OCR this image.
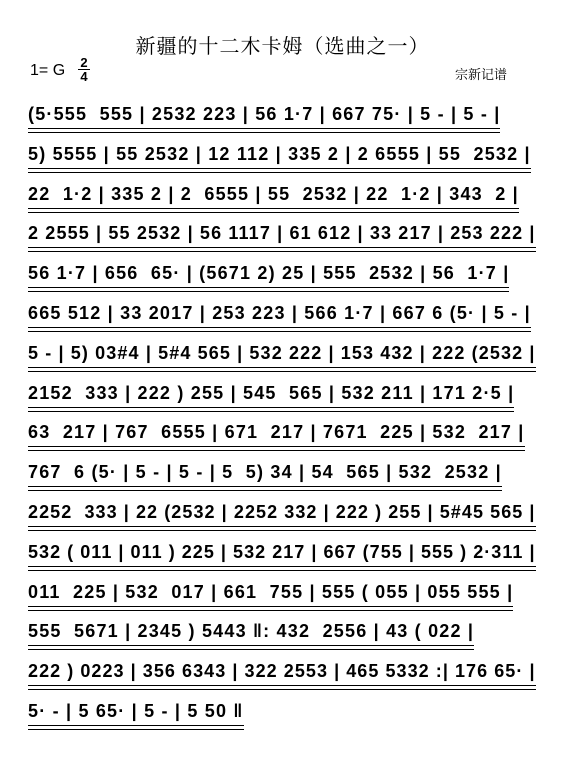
新疆的十二木卡姆（选曲之一）
1= G 2
4	宗新记谱
(5·555  555 | 2532 223 | 56 1·7 | 667 75· | 5 - | 5 - |
5) 5555 | 55 2532 | 12 112 | 335 2 | 2 6555 | 55  2532 |
22  1·2 | 335 2 | 2  6555 | 55  2532 | 22  1·2 | 343  2 |
2 2555 | 55 2532 | 56 1117 | 61 612 | 33 217 | 253 222 |
56 1·7 | 656  65· | (5671 2) 25 | 555  2532 | 56  1·7 |
665 512 | 33 2017 | 253 223 | 566 1·7 | 667 6 (5· | 5 - |
5 - | 5) 03#4 | 5#4 565 | 532 222 | 153 432 | 222 (2532 |
2152  333 | 222 ) 255 | 545  565 | 532 211 | 171 2·5 |
63  217 | 767  6555 | 671  217 | 7671  225 | 532  217 |
767  6 (5· | 5 - | 5 - | 5  5) 34 | 54  565 | 532  2532 |
2252  333 | 22 (2532 | 2252 332 | 222 ) 255 | 5#45 565 |
532 ( 011 | 011 ) 225 | 532 217 | 667 (755 | 555 ) 2·311 |
011  225 | 532  017 | 661  755 | 555 ( 055 | 055 555 |
555  5671 | 2345 ) 5443 ‖: 432  2556 | 43 ( 022 |
222 ) 0223 | 356 6343 | 322 2553 | 465 5332 :| 176 65· |
5· - | 5 65· | 5 - | 5 50 ‖
